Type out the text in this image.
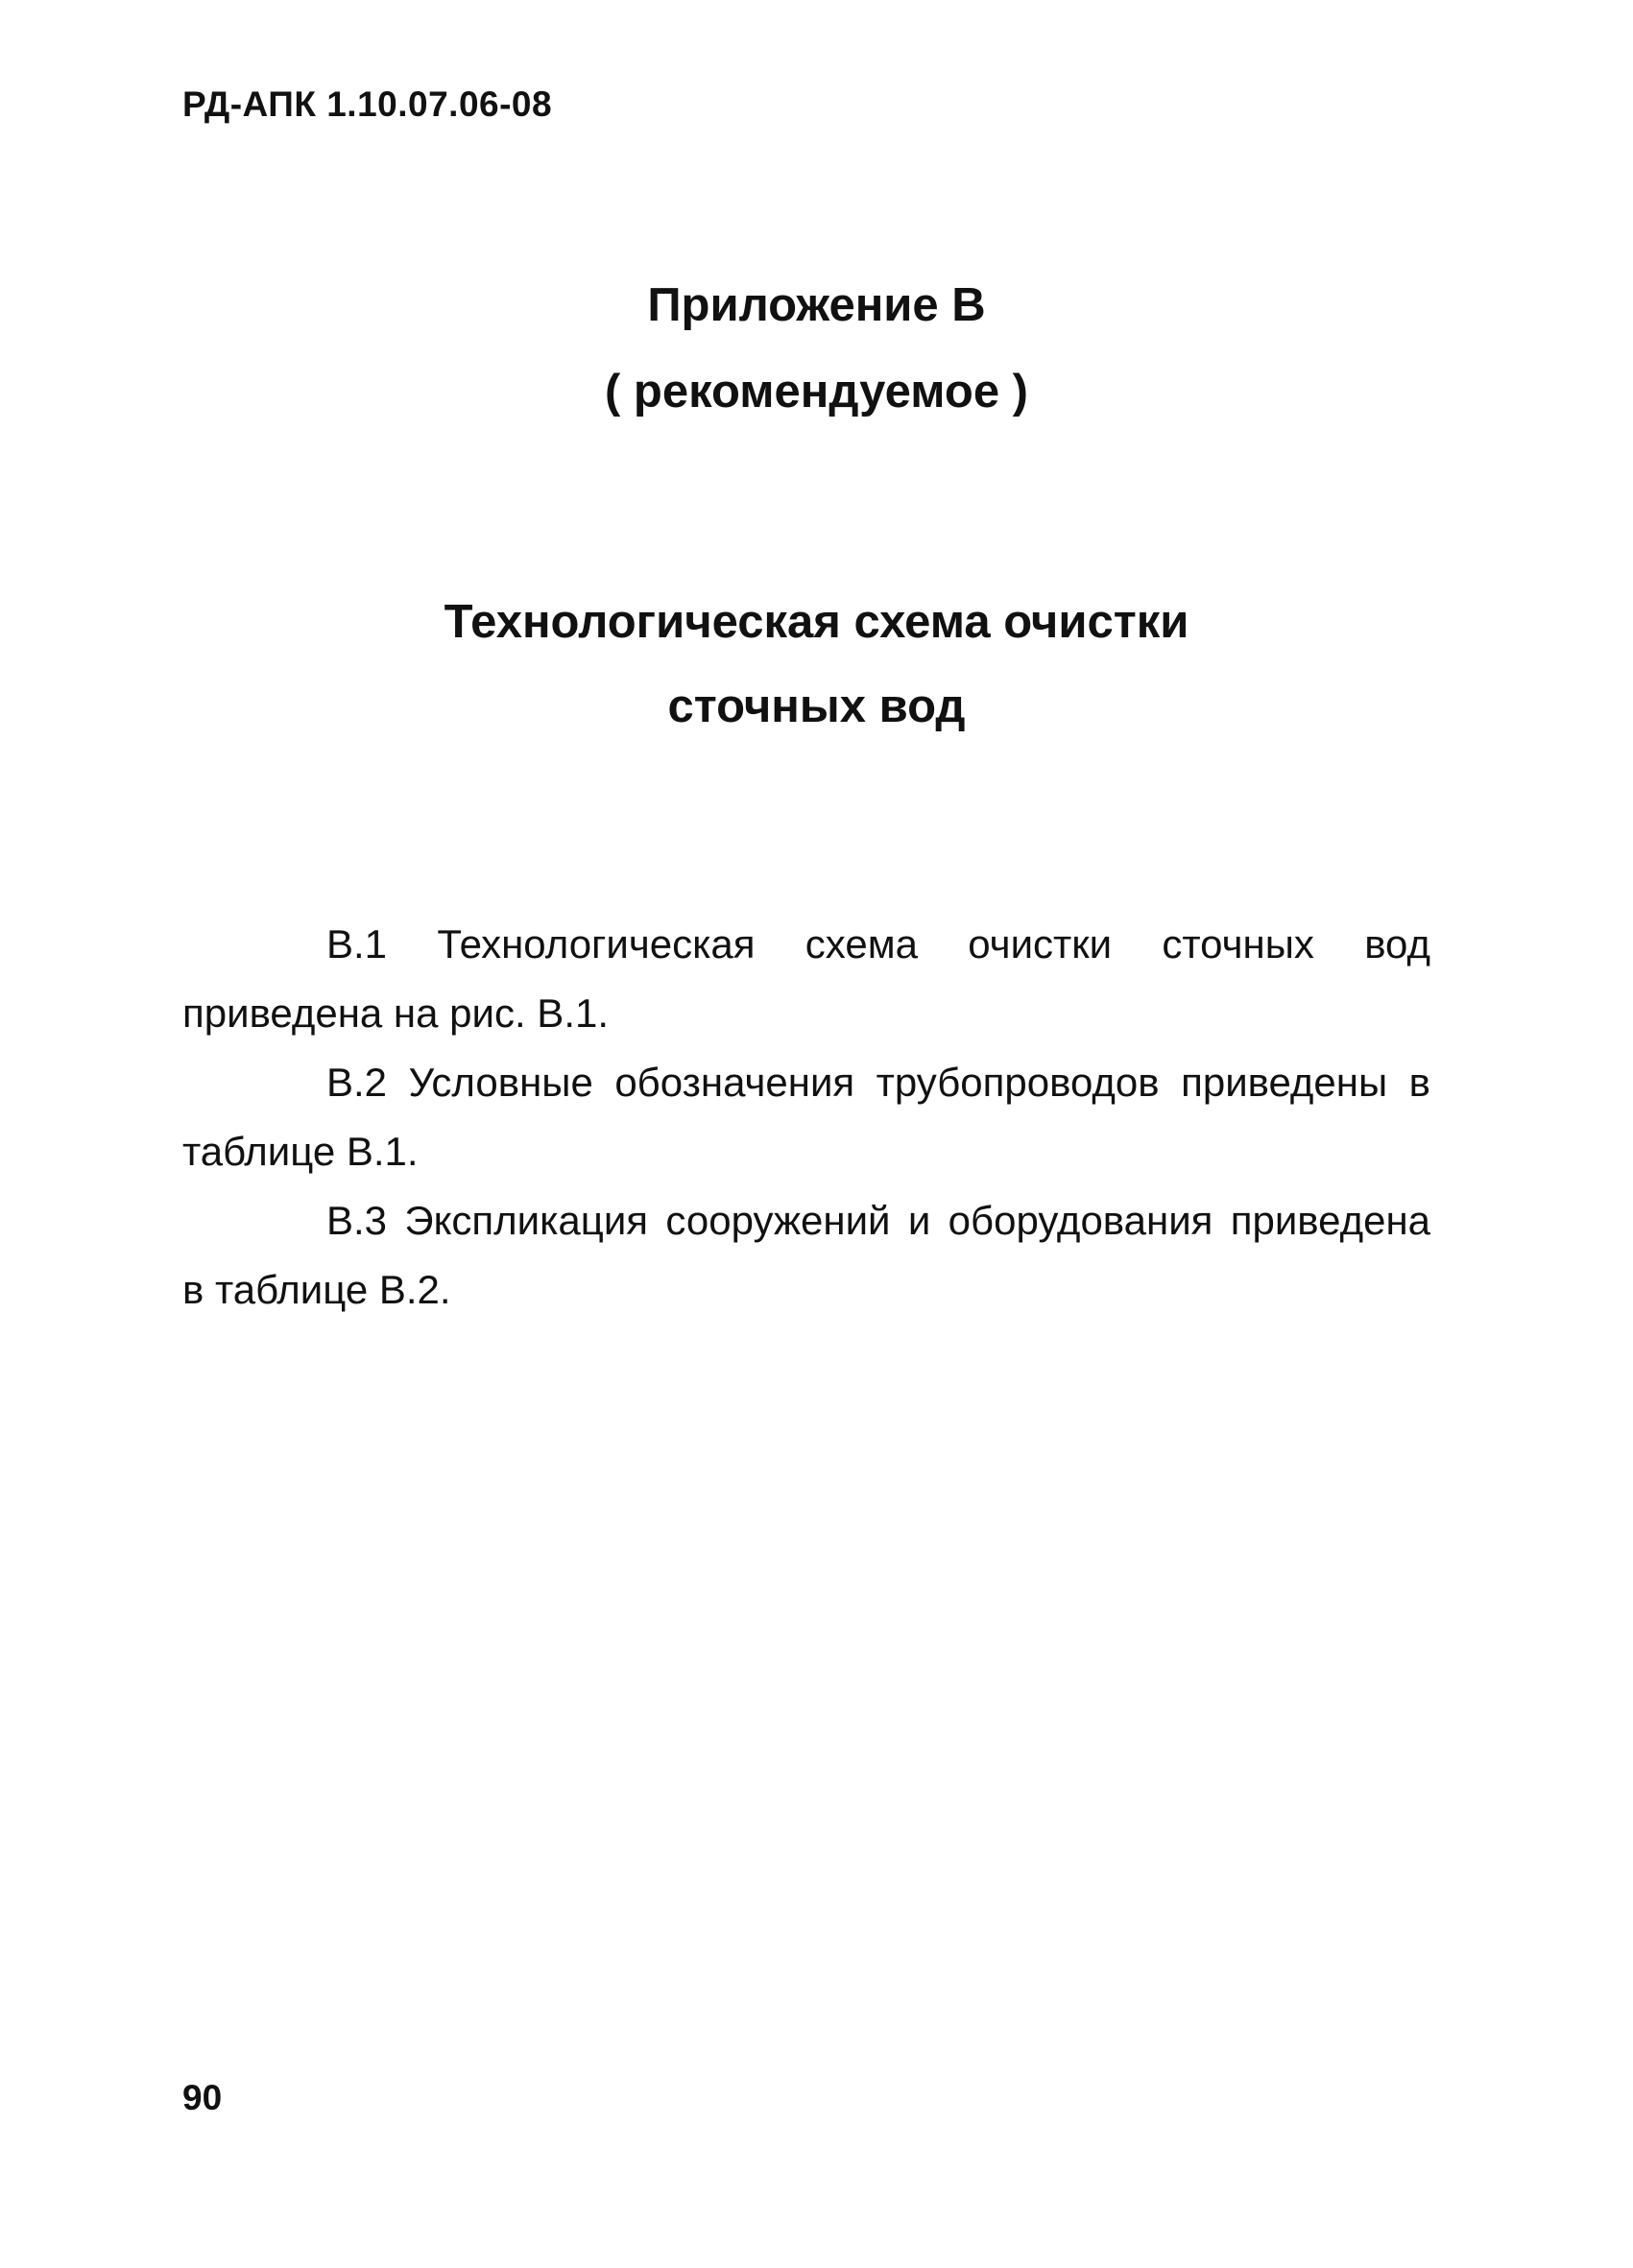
РД-АПК 1.10.07.06-08
Приложение В
( рекомендуемое )
Технологическая схема очистки
сточных вод

В.1 Технологическая схема очистки сточных вод приведена на рис. В.1.

В.2 Условные обозначения трубопроводов приведены в таблице В.1.

В.3 Экспликация сооружений и оборудования приведена в таблице В.2.

90
